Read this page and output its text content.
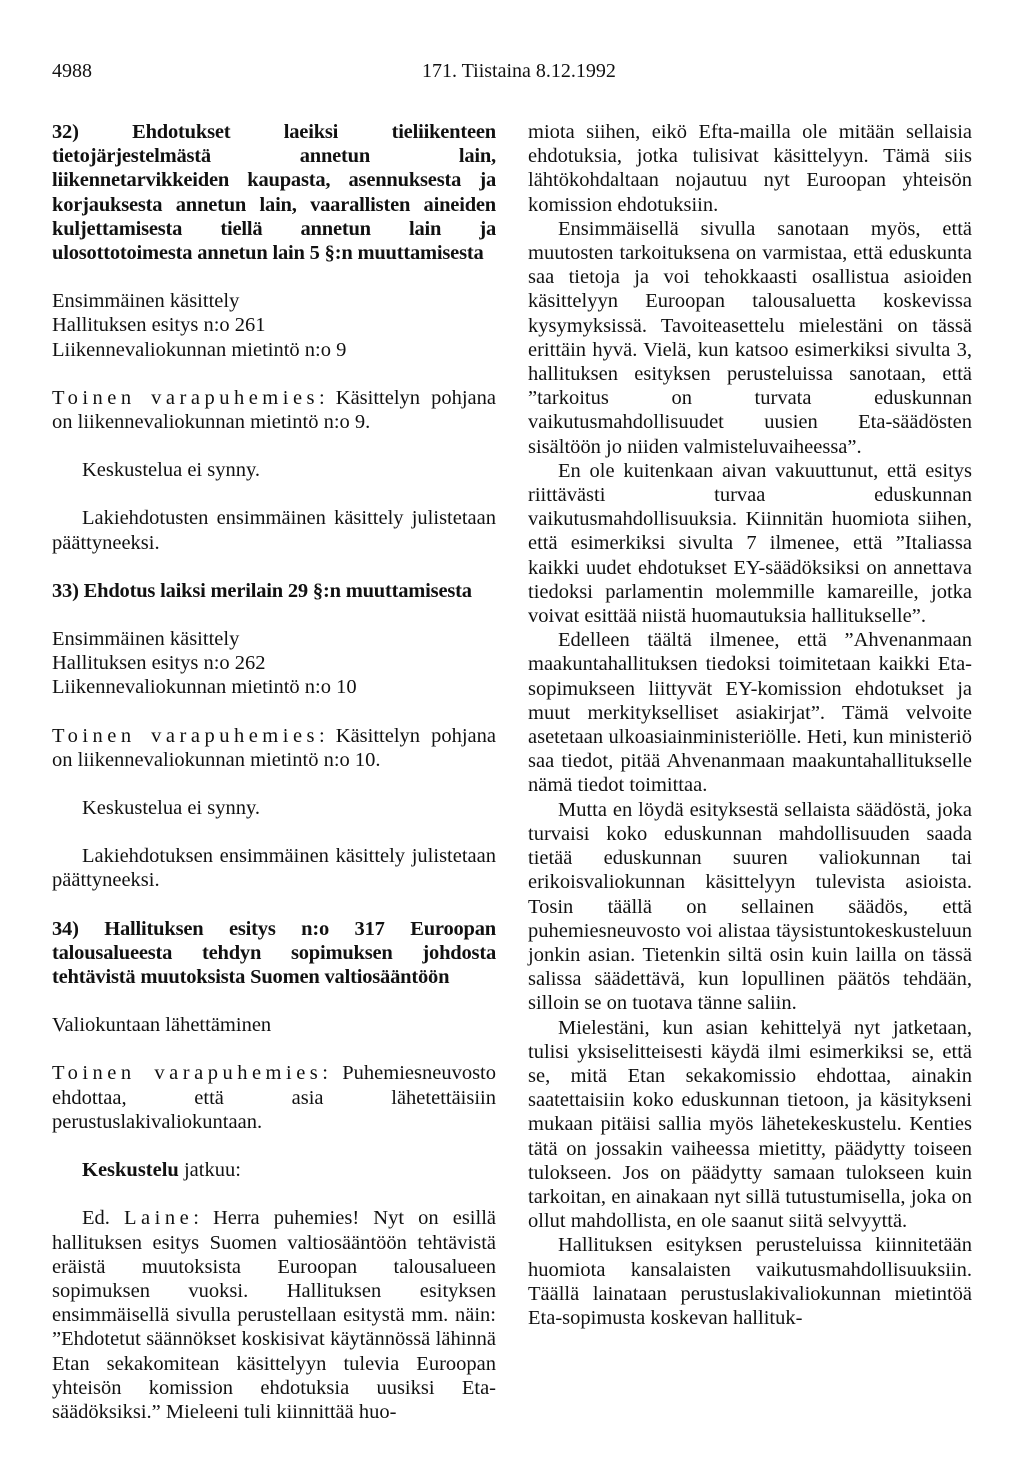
4988	171. Tiistaina 8.12.1992

32) Ehdotukset laeiksi tieliikenteen tietojärjestelmästä annetun lain, liikennetarvikkeiden kaupasta, asennuksesta ja korjauksesta annetun lain, vaarallisten aineiden kuljettamisesta tiellä annetun lain ja ulosottotoimesta annetun lain 5 §:n muuttamisesta

Ensimmäinen käsittely

Hallituksen esitys n:o 261

Liikennevaliokunnan mietintö n:o 9

Toinen varapuhemies: Käsittelyn pohjana on liikennevaliokunnan mietintö n:o 9.

Keskustelua ei synny.

Lakiehdotusten ensimmäinen käsittely julistetaan päättyneeksi.

33) Ehdotus laiksi merilain 29 §:n muuttamisesta

Ensimmäinen käsittely

Hallituksen esitys n:o 262

Liikennevaliokunnan mietintö n:o 10

Toinen varapuhemies: Käsittelyn pohjana on liikennevaliokunnan mietintö n:o 10.

Keskustelua ei synny.

Lakiehdotuksen ensimmäinen käsittely julistetaan päättyneeksi.

34) Hallituksen esitys n:o 317 Euroopan talousalueesta tehdyn sopimuksen johdosta tehtävistä muutoksista Suomen valtiosääntöön

Valiokuntaan lähettäminen

Toinen varapuhemies: Puhemiesneuvosto ehdottaa, että asia lähetettäisiin perustuslakivaliokuntaan.

Keskustelu jatkuu:

Ed. Laine: Herra puhemies! Nyt on esillä hallituksen esitys Suomen valtiosääntöön tehtävistä eräistä muutoksista Euroopan talousalueen sopimuksen vuoksi. Hallituksen esityksen ensimmäisellä sivulla perustellaan esitystä mm. näin: ”Ehdotetut säännökset koskisivat käytännössä lähinnä Etan sekakomitean käsittelyyn tulevia Euroopan yhteisön komission ehdotuksia uusiksi Eta-säädöksiksi.” Mieleeni tuli kiinnittää huo-

miota siihen, eikö Efta-mailla ole mitään sellaisia ehdotuksia, jotka tulisivat käsittelyyn. Tämä siis lähtökohdaltaan nojautuu nyt Euroopan yhteisön komission ehdotuksiin.

Ensimmäisellä sivulla sanotaan myös, että muutosten tarkoituksena on varmistaa, että eduskunta saa tietoja ja voi tehokkaasti osallistua asioiden käsittelyyn Euroopan talousaluetta koskevissa kysymyksissä. Tavoiteasettelu mielestäni on tässä erittäin hyvä. Vielä, kun katsoo esimerkiksi sivulta 3, hallituksen esityksen perusteluissa sanotaan, että ”tarkoitus on turvata eduskunnan vaikutusmahdollisuudet uusien Eta-säädösten sisältöön jo niiden valmisteluvaiheessa”.

En ole kuitenkaan aivan vakuuttunut, että esitys riittävästi turvaa eduskunnan vaikutusmahdollisuuksia. Kiinnitän huomiota siihen, että esimerkiksi sivulta 7 ilmenee, että ”Italiassa kaikki uudet ehdotukset EY-säädöksiksi on annettava tiedoksi parlamentin molemmille kamareille, jotka voivat esittää niistä huomautuksia hallitukselle”.

Edelleen täältä ilmenee, että ”Ahvenanmaan maakuntahallituksen tiedoksi toimitetaan kaikki Eta-sopimukseen liittyvät EY-komission ehdotukset ja muut merkitykselliset asiakirjat”. Tämä velvoite asetetaan ulkoasiainministeriölle. Heti, kun ministeriö saa tiedot, pitää Ahvenanmaan maakuntahallitukselle nämä tiedot toimittaa.

Mutta en löydä esityksestä sellaista säädöstä, joka turvaisi koko eduskunnan mahdollisuuden saada tietää eduskunnan suuren valiokunnan tai erikoisvaliokunnan käsittelyyn tulevista asioista. Tosin täällä on sellainen säädös, että puhemiesneuvosto voi alistaa täysistuntokeskusteluun jonkin asian. Tietenkin siltä osin kuin lailla on tässä salissa säädettävä, kun lopullinen päätös tehdään, silloin se on tuotava tänne saliin.

Mielestäni, kun asian kehittelyä nyt jatketaan, tulisi yksiselitteisesti käydä ilmi esimerkiksi se, että se, mitä Etan sekakomissio ehdottaa, ainakin saatettaisiin koko eduskunnan tietoon, ja käsitykseni mukaan pitäisi sallia myös lähetekeskustelu. Kenties tätä on jossakin vaiheessa mietitty, päädytty toiseen tulokseen. Jos on päädytty samaan tulokseen kuin tarkoitan, en ainakaan nyt sillä tutustumisella, joka on ollut mahdollista, en ole saanut siitä selvyyttä.

Hallituksen esityksen perusteluissa kiinnitetään huomiota kansalaisten vaikutusmahdollisuuksiin. Täällä lainataan perustuslakivaliokunnan mietintöä Eta-sopimusta koskevan hallituk-
